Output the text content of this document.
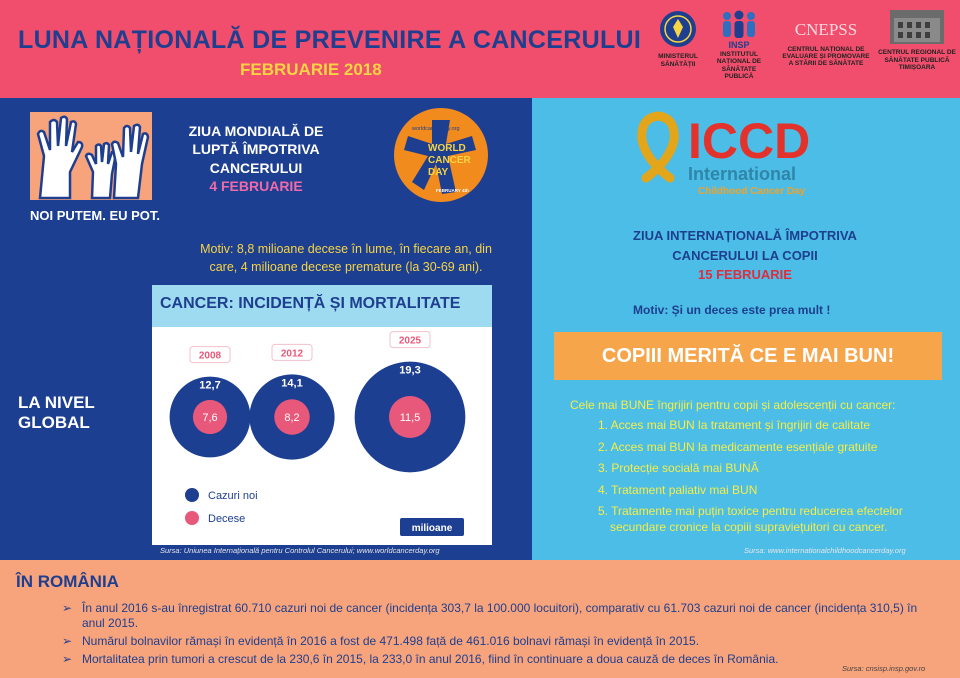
LUNA NAȚIONALĂ DE PREVENIRE A CANCERULUI
FEBRUARIE 2018
MINISTERUL SĂNĂTĂȚII
INSP
INSTITUTUL NAȚIONAL DE SĂNĂTATE PUBLICĂ
CNEPSS
CENTRUL NAȚIONAL DE EVALUARE ȘI PROMOVARE A STĂRII DE SĂNĂTATE
CENTRUL REGIONAL DE SĂNĂTATE PUBLICĂ TIMIȘOARA
NOI PUTEM. EU POT.
ZIUA MONDIALĂ DE LUPTĂ ÎMPOTRIVA CANCERULUI
4 FEBRUARIE
WORLD
CANCER
DAY
worldcancerday.org
FEBRUARY 4th
Motiv: 8,8 milioane decese în lume, în fiecare an, din care, 4 milioane decese premature (la 30-69 ani).
LA NIVEL
GLOBAL
CANCER: INCIDENȚĂ ȘI MORTALITATE
2008
12,7
7,6
2012
14,1
8,2
2025
19,3
11,5
Cazuri noi
Decese
milioane
Sursa: Uniunea Internațională pentru Controlul Cancerului; www.worldcancerday.org
ICCD
International
Childhood Cancer Day
ZIUA INTERNAȚIONALĂ ÎMPOTRIVA CANCERULUI LA COPII
15 FEBRUARIE
Motiv: Și un deces este prea mult !
COPIII MERITĂ CE E MAI BUN!
Cele mai BUNE îngrijiri pentru copii și adolescenții cu cancer:
1. Acces mai BUN la tratament și îngrijiri de calitate
2. Acces mai BUN la medicamente esențiale gratuite
3. Protecție socială mai BUNĂ
4. Tratament paliativ mai BUN
5. Tratamente mai puțin toxice pentru reducerea efectelor secundare cronice la copiii supraviețuitori cu cancer.
Sursa: www.internationalchildhoodcancerday.org
ÎN ROMÂNIA
➢ În anul 2016 s-au înregistrat 60.710 cazuri noi de cancer (incidența 303,7 la 100.000 locuitori), comparativ cu 61.703 cazuri noi de cancer (incidența 310,5) în anul 2015.
➢ Numărul bolnavilor rămași în evidență în 2016 a fost de 471.498 față de 461.016 bolnavi rămași în evidență în 2015.
➢ Mortalitatea prin tumori a crescut de la 230,6 în 2015, la 233,0 în anul 2016, fiind în continuare a doua cauză de deces în România.
Sursa: cnsisp.insp.gov.ro
